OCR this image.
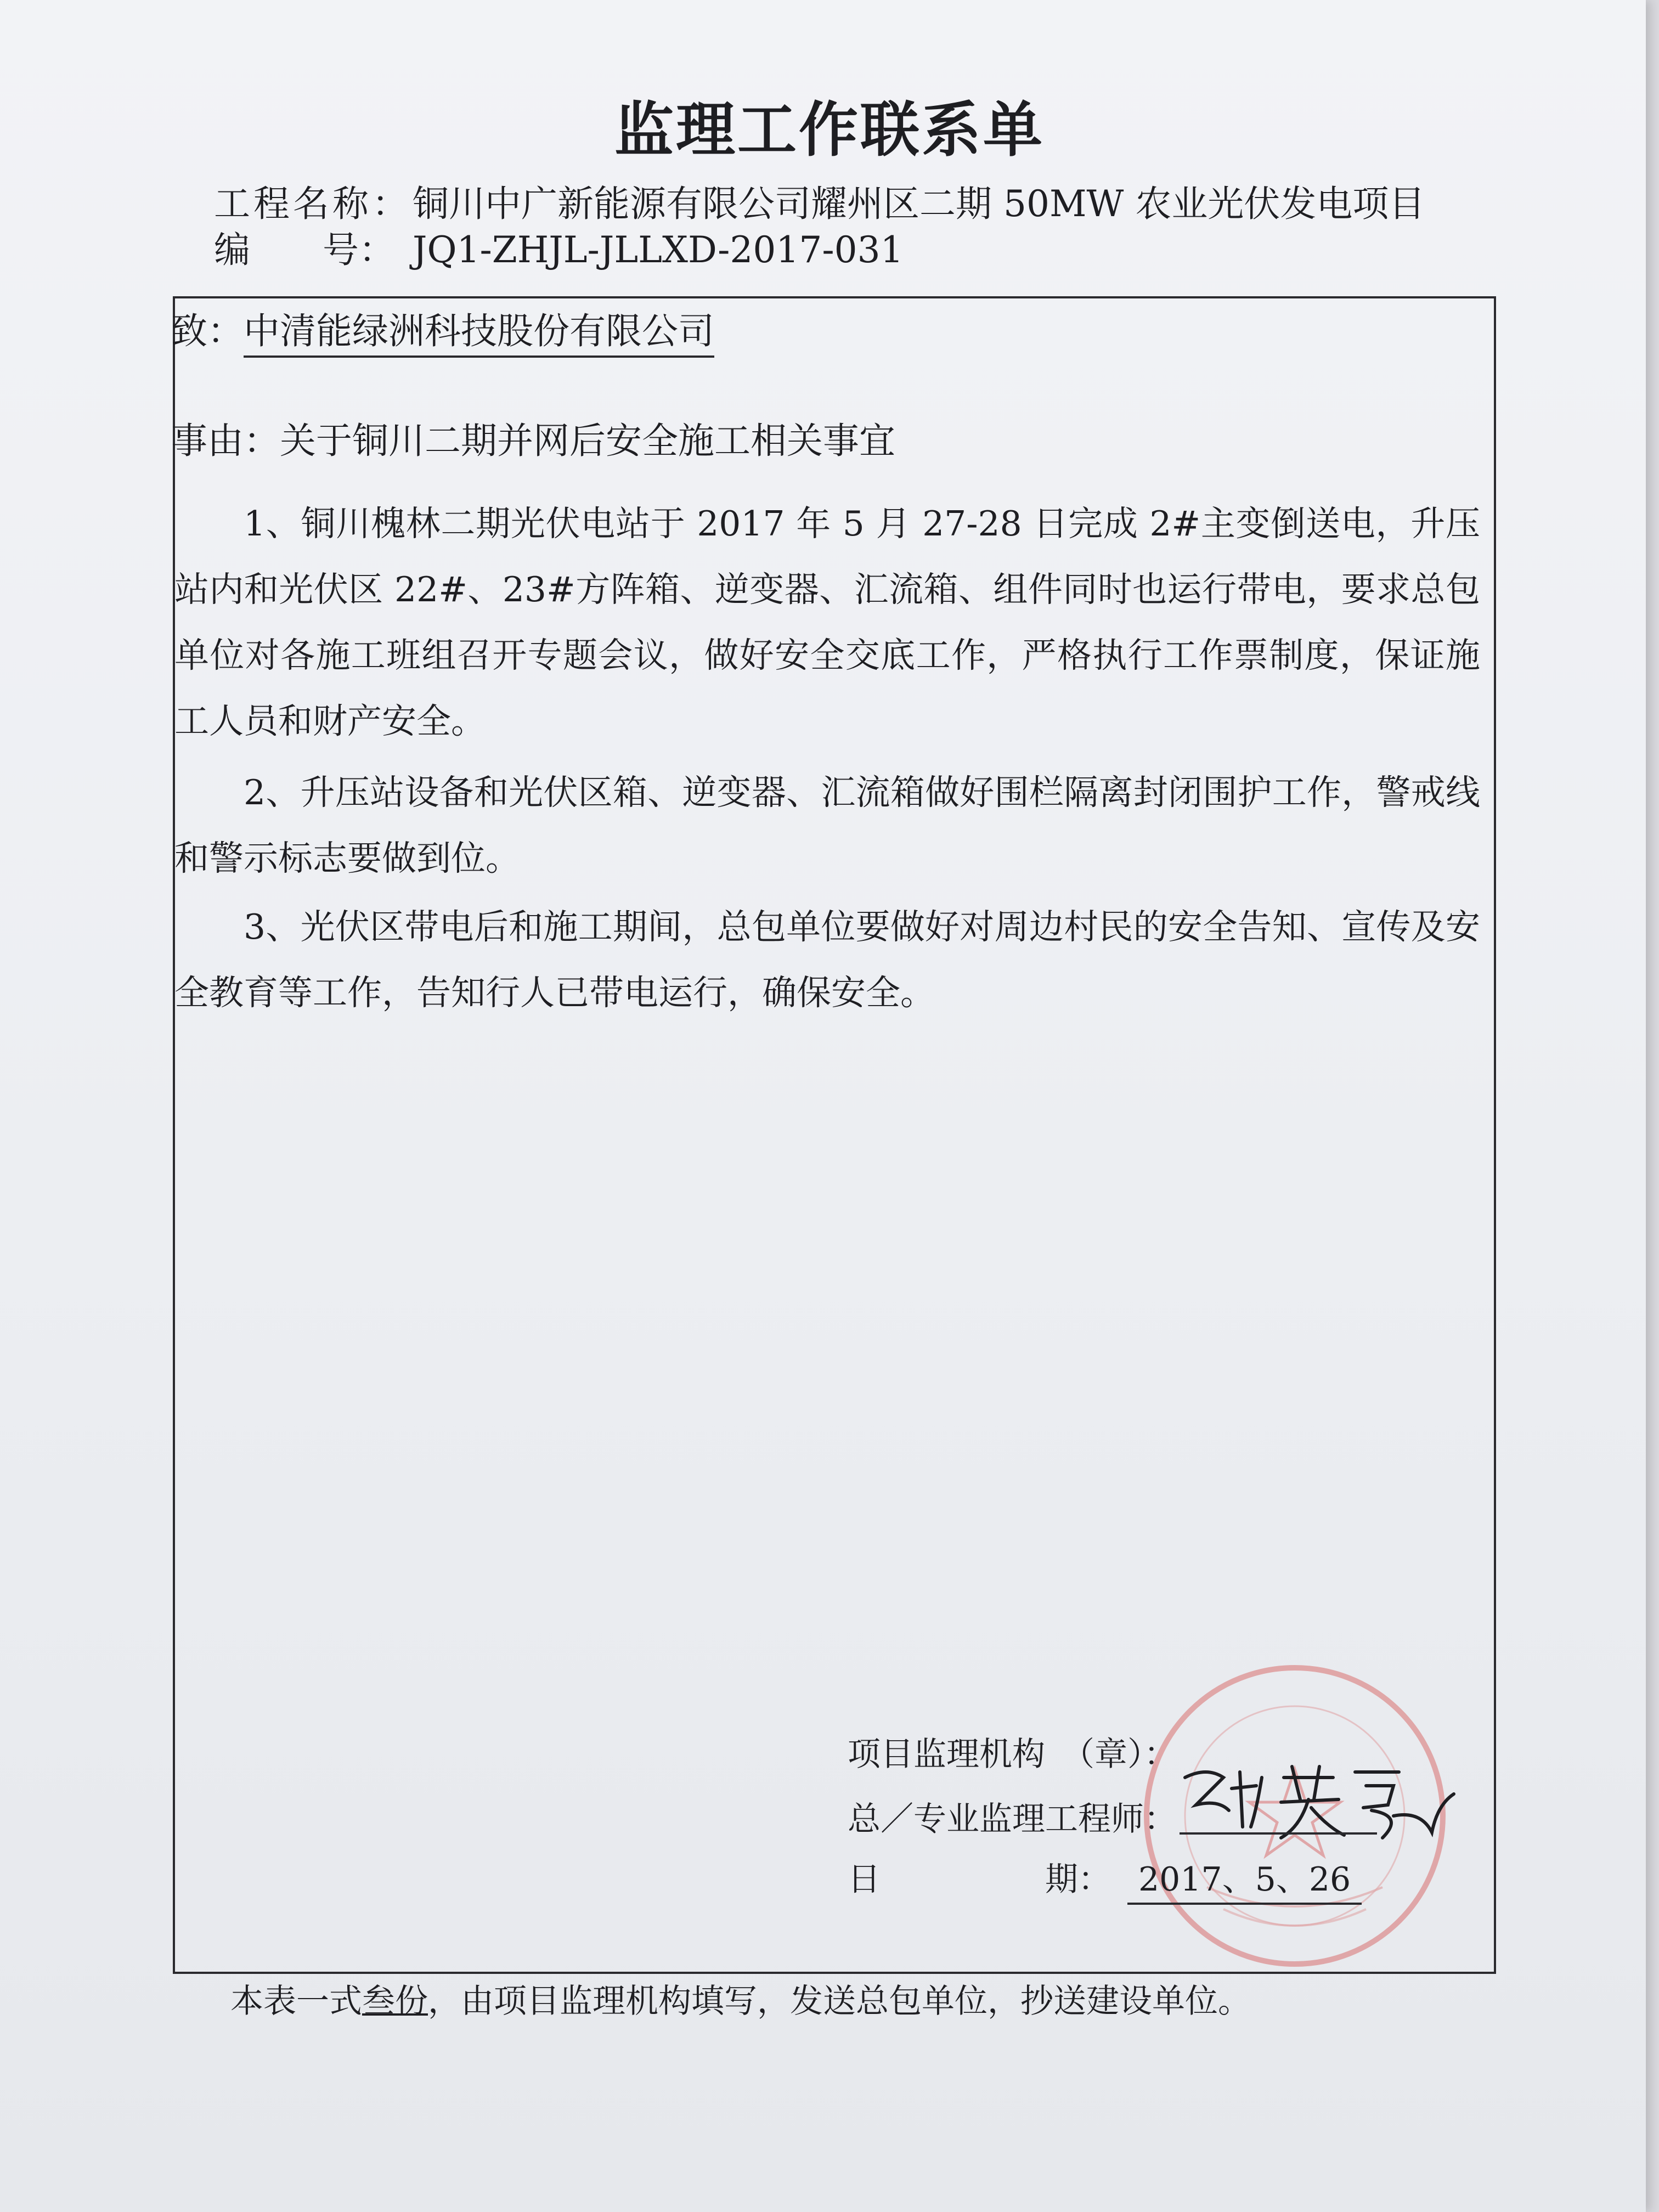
监理工作联系单
工程名称：铜川中广新能源有限公司耀州区二期 50MW 农业光伏发电项目
编　　号： JQ1-ZHJL-JLLXD-2017-031
致：中清能绿洲科技股份有限公司
事由：关于铜川二期并网后安全施工相关事宜

1、铜川槐林二期光伏电站于 2017 年 5 月 27-28 日完成 2#主变倒送电，升压站内和光伏区 22#、23#方阵箱、逆变器、汇流箱、组件同时也运行带电，要求总包单位对各施工班组召开专题会议，做好安全交底工作，严格执行工作票制度，保证施工人员和财产安全。

2、升压站设备和光伏区箱、逆变器、汇流箱做好围栏隔离封闭围护工作，警戒线和警示标志要做到位。

3、光伏区带电后和施工期间，总包单位要做好对周边村民的安全告知、宣传及安全教育等工作，告知行人已带电运行，确保安全。

项目监理机构　（章）：
总／专业监理工程师：
日　　　　　期： 2017、5、26
本表一式叁份，由项目监理机构填写，发送总包单位，抄送建设单位。
